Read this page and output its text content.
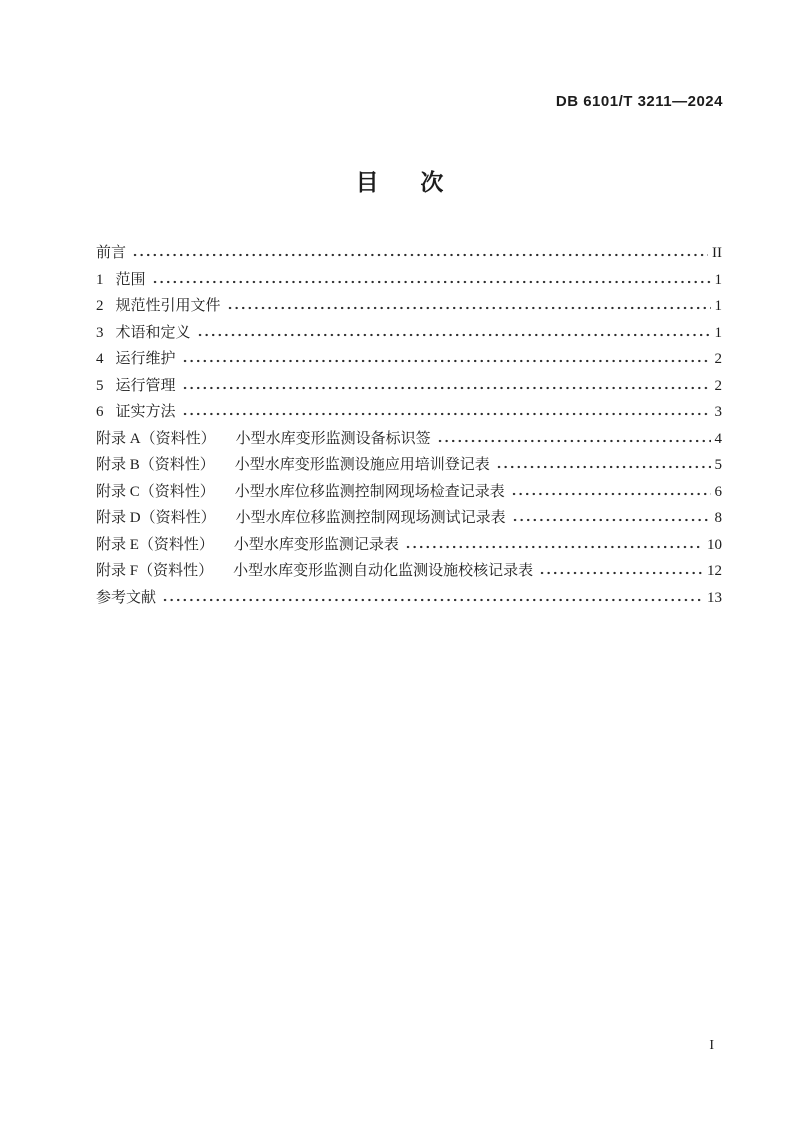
DB 6101/T 3211—2024
目 次
前言	II
1 范围	1
2 规范性引用文件	1
3 术语和定义	1
4 运行维护	2
5 运行管理	2
6 证实方法	3
附录 A（资料性） 小型水库变形监测设备标识签	4
附录 B（资料性） 小型水库变形监测设施应用培训登记表	5
附录 C（资料性） 小型水库位移监测控制网现场检查记录表	6
附录 D（资料性） 小型水库位移监测控制网现场测试记录表	8
附录 E（资料性） 小型水库变形监测记录表	10
附录 F（资料性） 小型水库变形监测自动化监测设施校核记录表	12
参考文献	13
I
